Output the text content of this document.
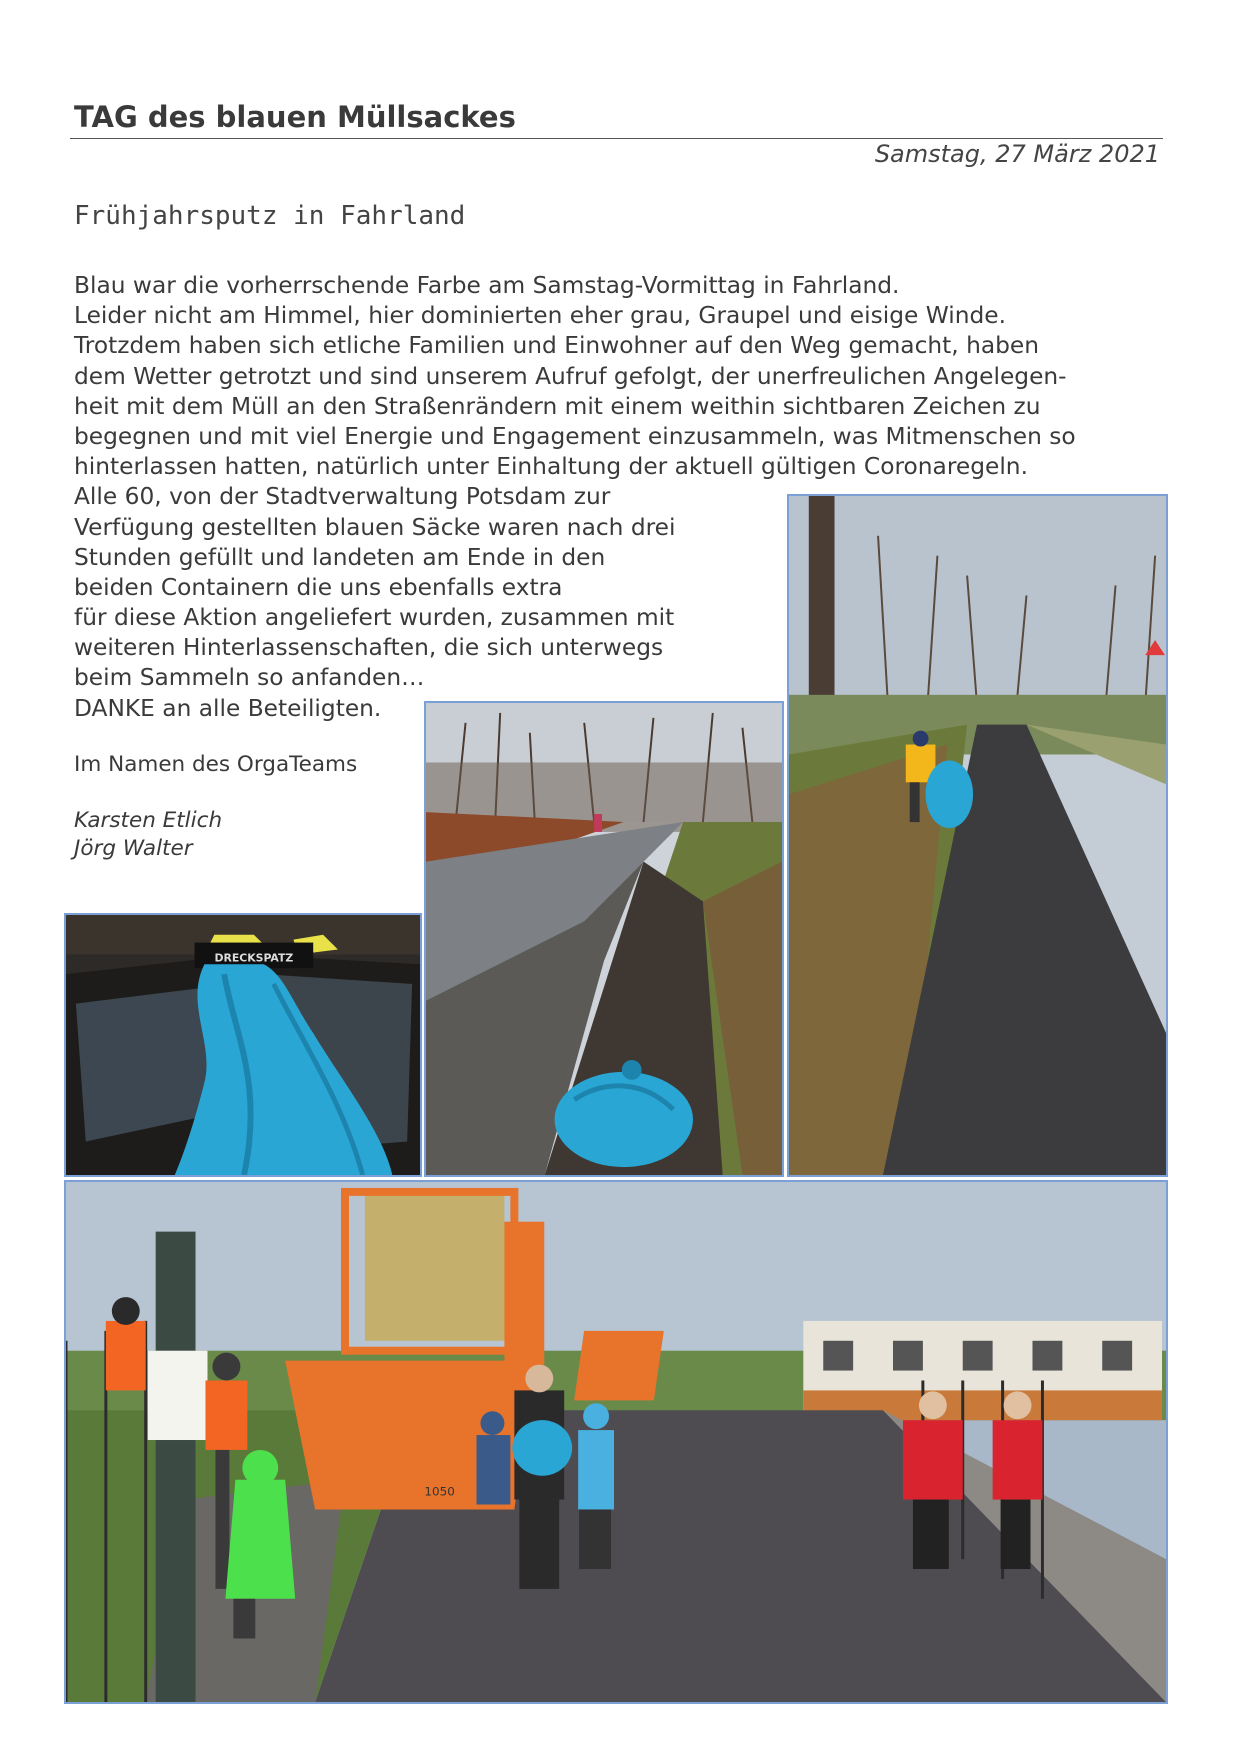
TAG des blauen Müllsackes
Samstag, 27 März 2021
Frühjahrsputz in Fahrland
Blau war die vorherrschende Farbe am Samstag-Vormittag in Fahrland.
Leider nicht am Himmel, hier dominierten eher grau, Graupel und eisige Winde.
Trotzdem haben sich etliche Familien und Einwohner auf den Weg gemacht, haben
dem Wetter getrotzt und sind unserem Aufruf gefolgt, der unerfreulichen Angelegen-
heit mit dem Müll an den Straßenrändern mit einem weithin sichtbaren Zeichen zu
begegnen und mit viel Energie und Engagement einzusammeln, was Mitmenschen so
hinterlassen hatten, natürlich unter Einhaltung der aktuell gültigen Coronaregeln.
Alle 60, von der Stadtverwaltung Potsdam zur
Verfügung gestellten blauen Säcke waren nach drei
Stunden gefüllt und landeten am Ende in den
beiden Containern die uns ebenfalls extra
für diese Aktion angeliefert wurden, zusammen mit
weiteren Hinterlassenschaften, die sich unterwegs
beim Sammeln so anfanden…
DANKE an alle Beteiligten.
Im Namen des OrgaTeams
Karsten Etlich
Jörg Walter
DRECKSPATZ
1050
